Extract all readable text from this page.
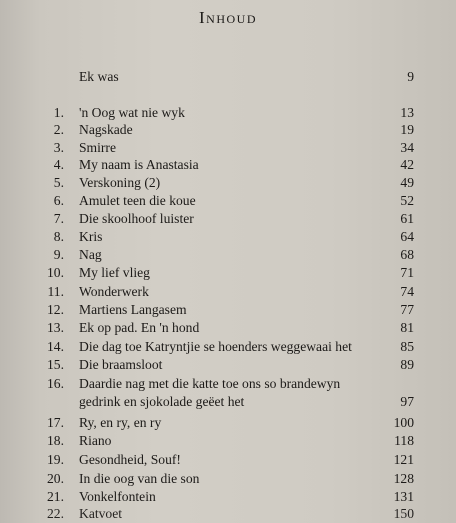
Inhoud
Ek was	9
1. 'n Oog wat nie wyk	13
2. Nagskade	19
3. Smirre	34
4. My naam is Anastasia	42
5. Verskoning (2)	49
6. Amulet teen die koue	52
7. Die skoolhoof luister	61
8. Kris	64
9. Nag	68
10. My lief vlieg	71
11. Wonderwerk	74
12. Martiens Langasem	77
13. Ek op pad. En 'n hond	81
14. Die dag toe Katryntjie se hoenders weggewaai het	85
15. Die braamsloot	89
16. Daardie nag met die katte toe ons so brandewyn
gedrink en sjokolade geëet het	97
17. Ry, en ry, en ry	100
18. Riano	118
19. Gesondheid, Souf!	121
20. In die oog van die son	128
21. Vonkelfontein	131
22. Katvoet	150
